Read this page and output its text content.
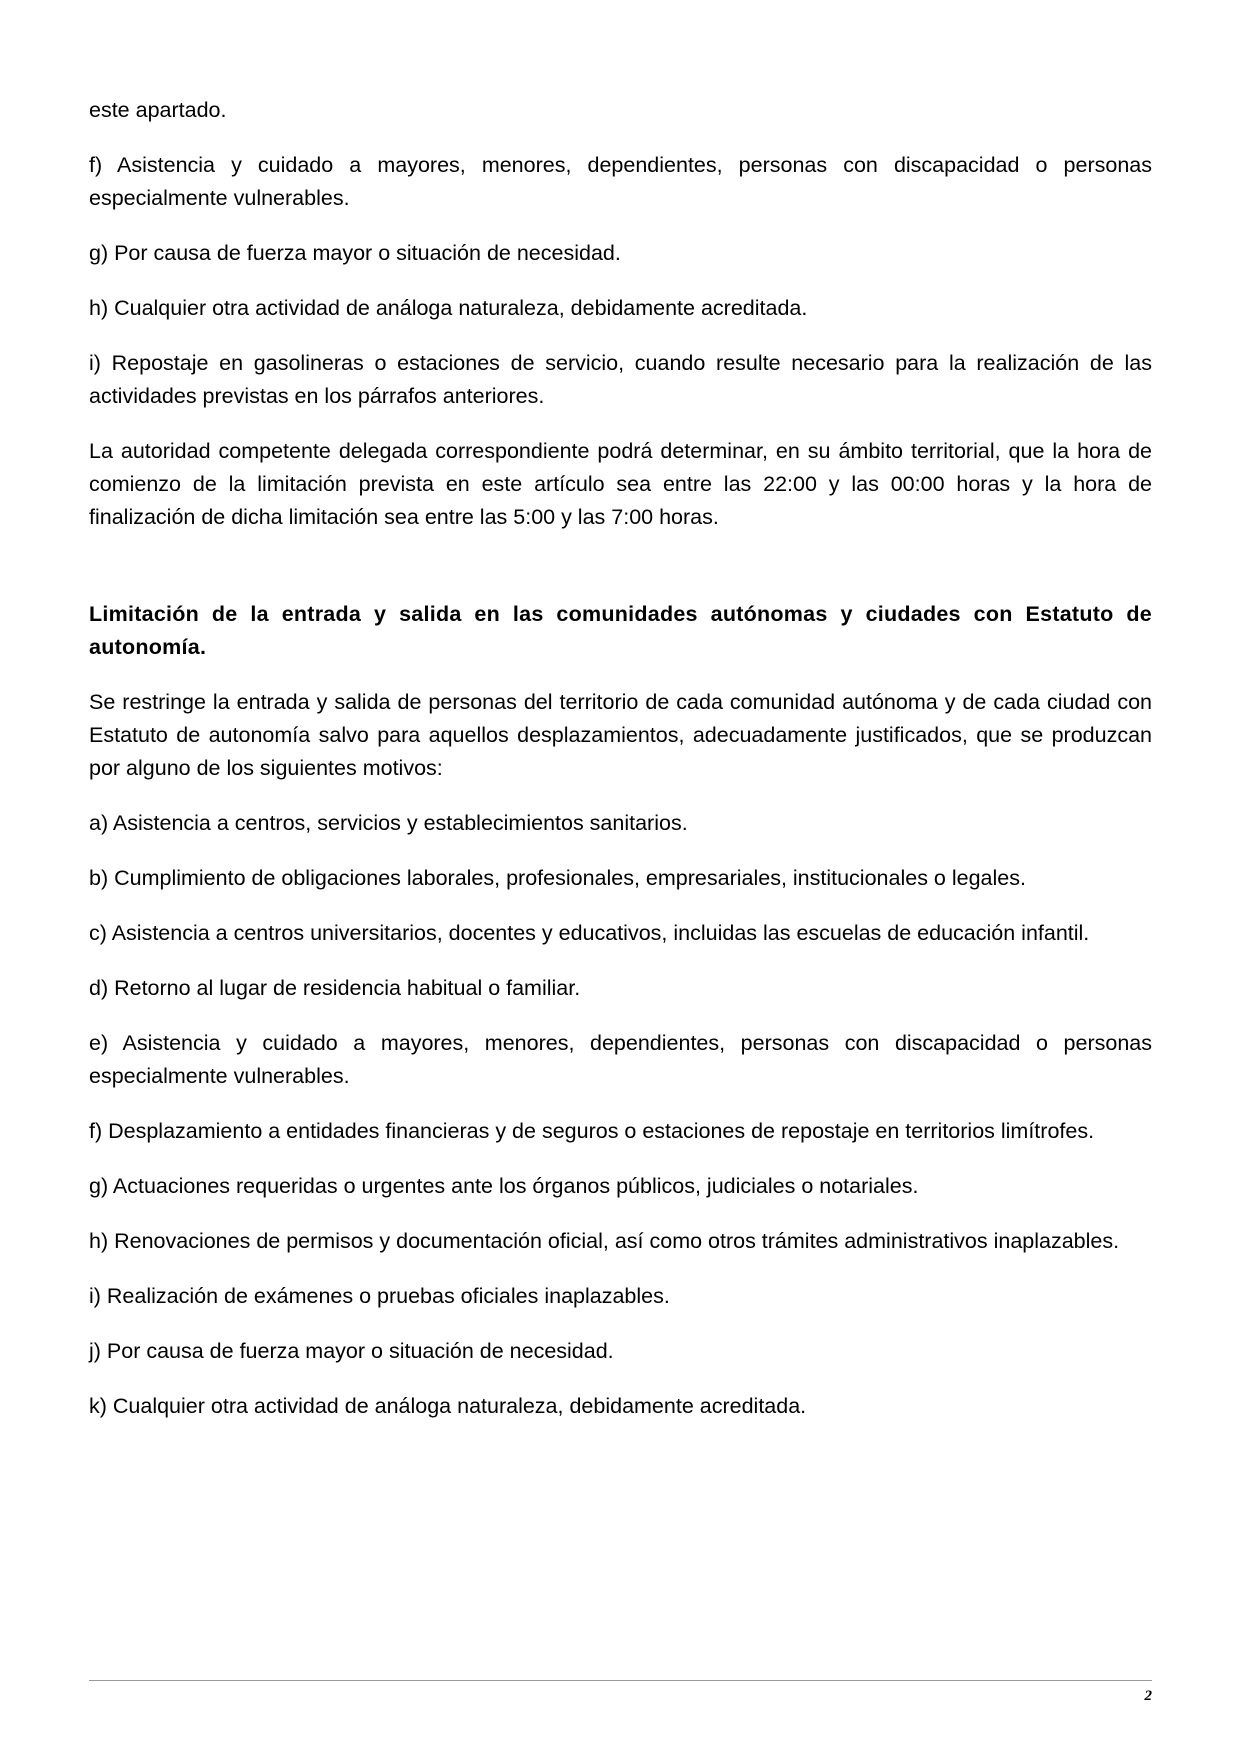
este apartado.

f) Asistencia y cuidado a mayores, menores, dependientes, personas con discapacidad o personas especialmente vulnerables.

g) Por causa de fuerza mayor o situación de necesidad.

h) Cualquier otra actividad de análoga naturaleza, debidamente acreditada.

i) Repostaje en gasolineras o estaciones de servicio, cuando resulte necesario para la realización de las actividades previstas en los párrafos anteriores.

La autoridad competente delegada correspondiente podrá determinar, en su ámbito territorial, que la hora de comienzo de la limitación prevista en este artículo sea entre las 22:00 y las 00:00 horas y la hora de finalización de dicha limitación sea entre las 5:00 y las 7:00 horas.

Limitación de la entrada y salida en las comunidades autónomas y ciudades con Estatuto de autonomía.

Se restringe la entrada y salida de personas del territorio de cada comunidad autónoma y de cada ciudad con Estatuto de autonomía salvo para aquellos desplazamientos, adecuadamente justificados, que se produzcan por alguno de los siguientes motivos:

a) Asistencia a centros, servicios y establecimientos sanitarios.

b) Cumplimiento de obligaciones laborales, profesionales, empresariales, institucionales o legales.

c) Asistencia a centros universitarios, docentes y educativos, incluidas las escuelas de educación infantil.

d) Retorno al lugar de residencia habitual o familiar.

e) Asistencia y cuidado a mayores, menores, dependientes, personas con discapacidad o personas especialmente vulnerables.

f) Desplazamiento a entidades financieras y de seguros o estaciones de repostaje en territorios limítrofes.

g) Actuaciones requeridas o urgentes ante los órganos públicos, judiciales o notariales.

h) Renovaciones de permisos y documentación oficial, así como otros trámites administrativos inaplazables.

i) Realización de exámenes o pruebas oficiales inaplazables.

j) Por causa de fuerza mayor o situación de necesidad.

k) Cualquier otra actividad de análoga naturaleza, debidamente acreditada.

2
